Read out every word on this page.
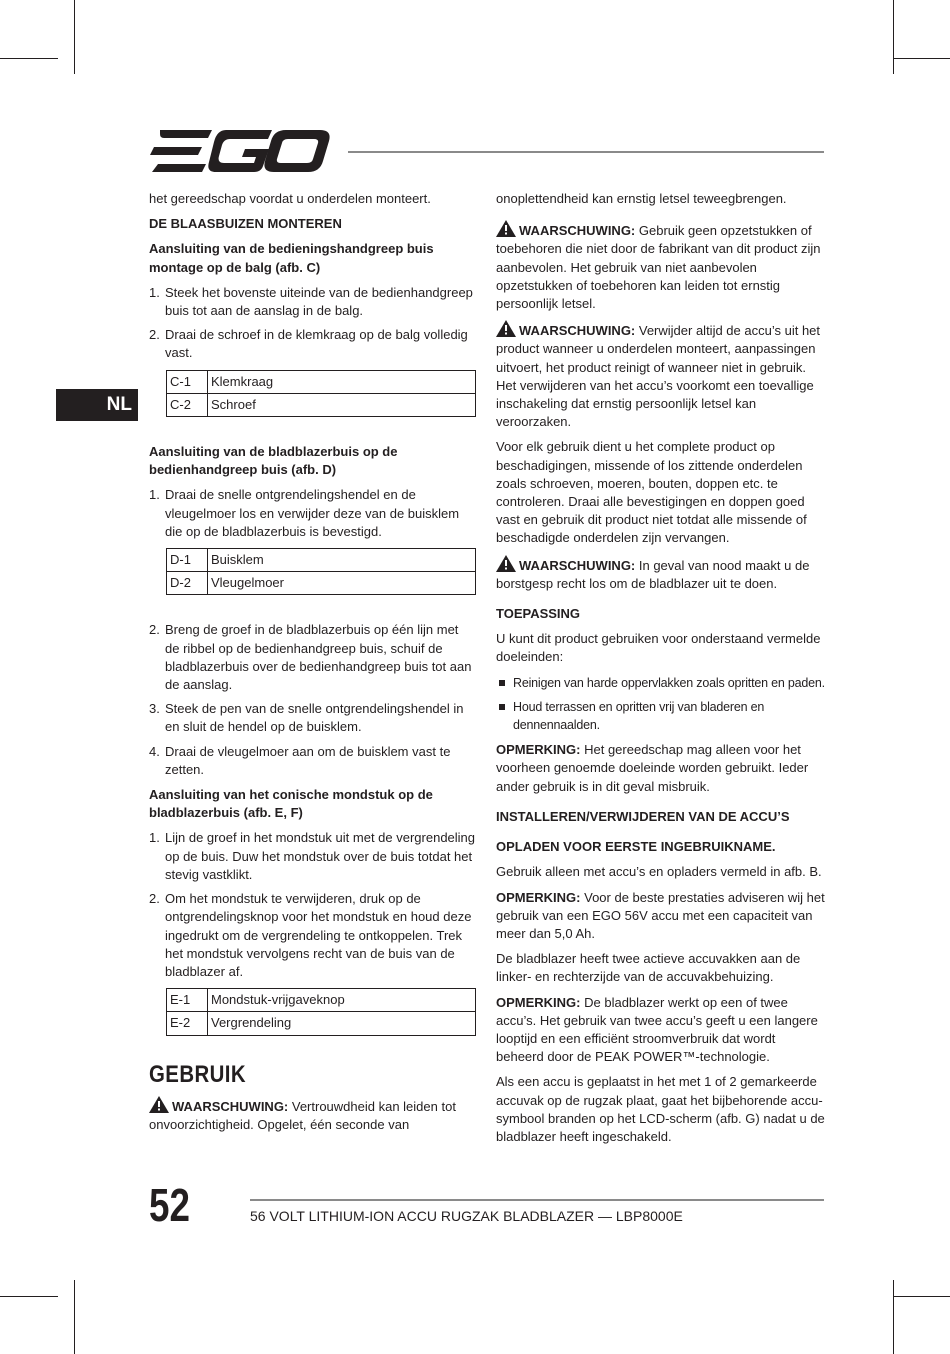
NL

het gereedschap voordat u onderdelen monteert.

DE BLAASBUIZEN MONTEREN

Aansluiting van de bedieningshandgreep buis montage op de balg (afb. C)

1. Steek het bovenste uiteinde van de bedienhandgreep buis tot aan de aanslag in de balg.
2. Draai de schroef in de klemkraag op de balg volledig vast.
C-1	Klemkraag
C-2	Schroef

Aansluiting van de bladblazerbuis op de bedienhandgreep buis (afb. D)

1. Draai de snelle ontgrendelingshendel en de vleugelmoer los en verwijder deze van de buisklem die op de bladblazerbuis is bevestigd.
D-1	Buisklem
D-2	Vleugelmoer
2. Breng de groef in de bladblazerbuis op één lijn met de ribbel op de bedienhandgreep buis, schuif de bladblazerbuis over de bedienhandgreep buis tot aan de aanslag.
3. Steek de pen van de snelle ontgrendelingshendel in en sluit de hendel op de buisklem.
4. Draai de vleugelmoer aan om de buisklem vast te zetten.

Aansluiting van het conische mondstuk op de bladblazerbuis (afb. E, F)

1. Lijn de groef in het mondstuk uit met de vergrendeling op de buis. Duw het mondstuk over de buis totdat het stevig vastklikt.
2. Om het mondstuk te verwijderen, druk op de ontgrendelingsknop voor het mondstuk en houd deze ingedrukt om de vergrendeling te ontkoppelen. Trek het mondstuk vervolgens recht van de buis van de bladblazer af.
E-1	Mondstuk-vrijgaveknop
E-2	Vergrendeling
GEBRUIK

WAARSCHUWING: Vertrouwdheid kan leiden tot onvoorzichtigheid. Opgelet, één seconde van

onoplettendheid kan ernstig letsel teweegbrengen.

WAARSCHUWING: Gebruik geen opzetstukken of toebehoren die niet door de fabrikant van dit product zijn aanbevolen. Het gebruik van niet aanbevolen opzetstukken of toebehoren kan leiden tot ernstig persoonlijk letsel.

WAARSCHUWING: Verwijder altijd de accu’s uit het product wanneer u onderdelen monteert, aanpassingen uitvoert, het product reinigt of wanneer niet in gebruik. Het verwijderen van het accu’s voorkomt een toevallige inschakeling dat ernstig persoonlijk letsel kan veroorzaken.

Voor elk gebruik dient u het complete product op beschadigingen, missende of los zittende onderdelen zoals schroeven, moeren, bouten, doppen etc. te controleren. Draai alle bevestigingen en doppen goed vast en gebruik dit product niet totdat alle missende of beschadigde onderdelen zijn vervangen.

WAARSCHUWING: In geval van nood maakt u de borstgesp recht los om de bladblazer uit te doen.

TOEPASSING

U kunt dit product gebruiken voor onderstaand vermelde doeleinden:

Reinigen van harde oppervlakken zoals opritten en paden.
Houd terrassen en opritten vrij van bladeren en dennennaalden.

OPMERKING: Het gereedschap mag alleen voor het voorheen genoemde doeleinde worden gebruikt. Ieder ander gebruik is in dit geval misbruik.

INSTALLEREN/VERWIJDEREN VAN DE ACCU’S

OPLADEN VOOR EERSTE INGEBRUIKNAME.

Gebruik alleen met accu’s en opladers vermeld in afb. B.

OPMERKING: Voor de beste prestaties adviseren wij het gebruik van een EGO 56V accu met een capaciteit van meer dan 5,0 Ah.

De bladblazer heeft twee actieve accuvakken aan de linker- en rechterzijde van de accuvakbehuizing.

OPMERKING: De bladblazer werkt op een of twee accu’s. Het gebruik van twee accu’s geeft u een langere looptijd en een efficiënt stroomverbruik dat wordt beheerd door de PEAK POWER™-technologie.

Als een accu is geplaatst in het met 1 of 2 gemarkeerde accuvak op de rugzak plaat, gaat het bijbehorende accu-symbool branden op het LCD-scherm (afb. G) nadat u de bladblazer heeft ingeschakeld.

52	56 VOLT LITHIUM-ION ACCU RUGZAK BLADBLAZER — LBP8000E
